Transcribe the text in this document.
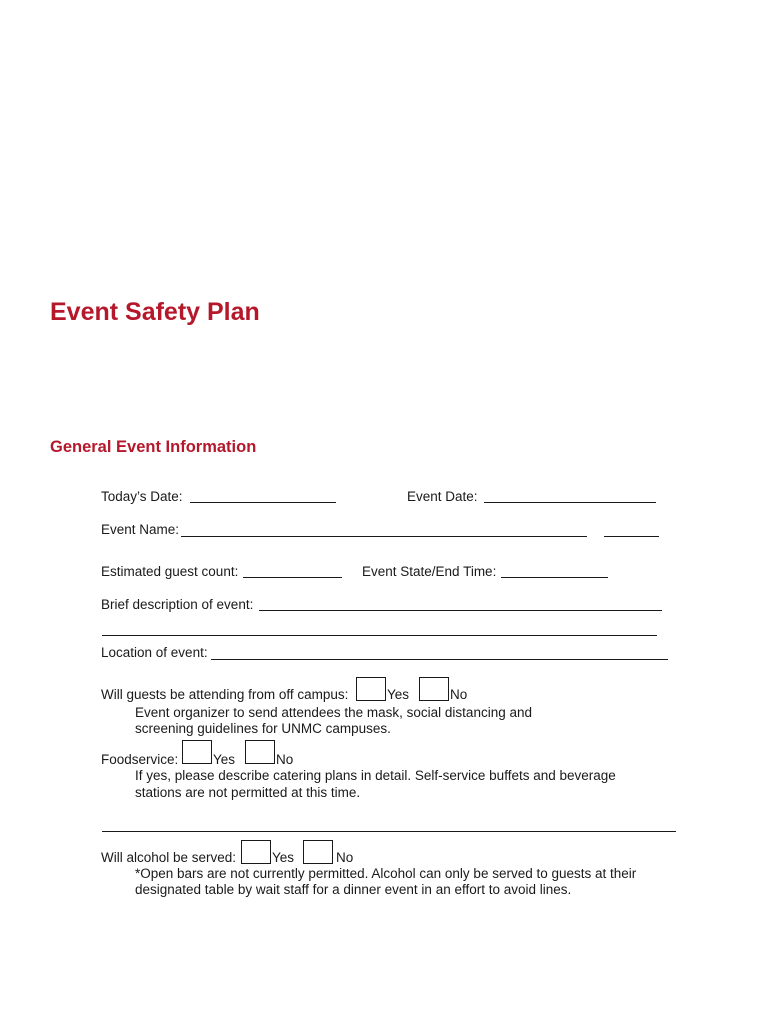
Event Safety Plan
General Event Information
Today’s Date:	Event Date:
Event Name:
Estimated guest count:	Event State/End Time:
Brief description of event:
Location of event:
Will guests be attending from off campus:	Yes	No
Event organizer to send attendees the mask, social distancing and
screening guidelines for UNMC campuses.
Foodservice:	Yes	No
If yes, please describe catering plans in detail. Self-service buffets and beverage
stations are not permitted at this time.
Will alcohol be served:	Yes	No
*Open bars are not currently permitted. Alcohol can only be served to guests at their
designated table by wait staff for a dinner event in an effort to avoid lines.
